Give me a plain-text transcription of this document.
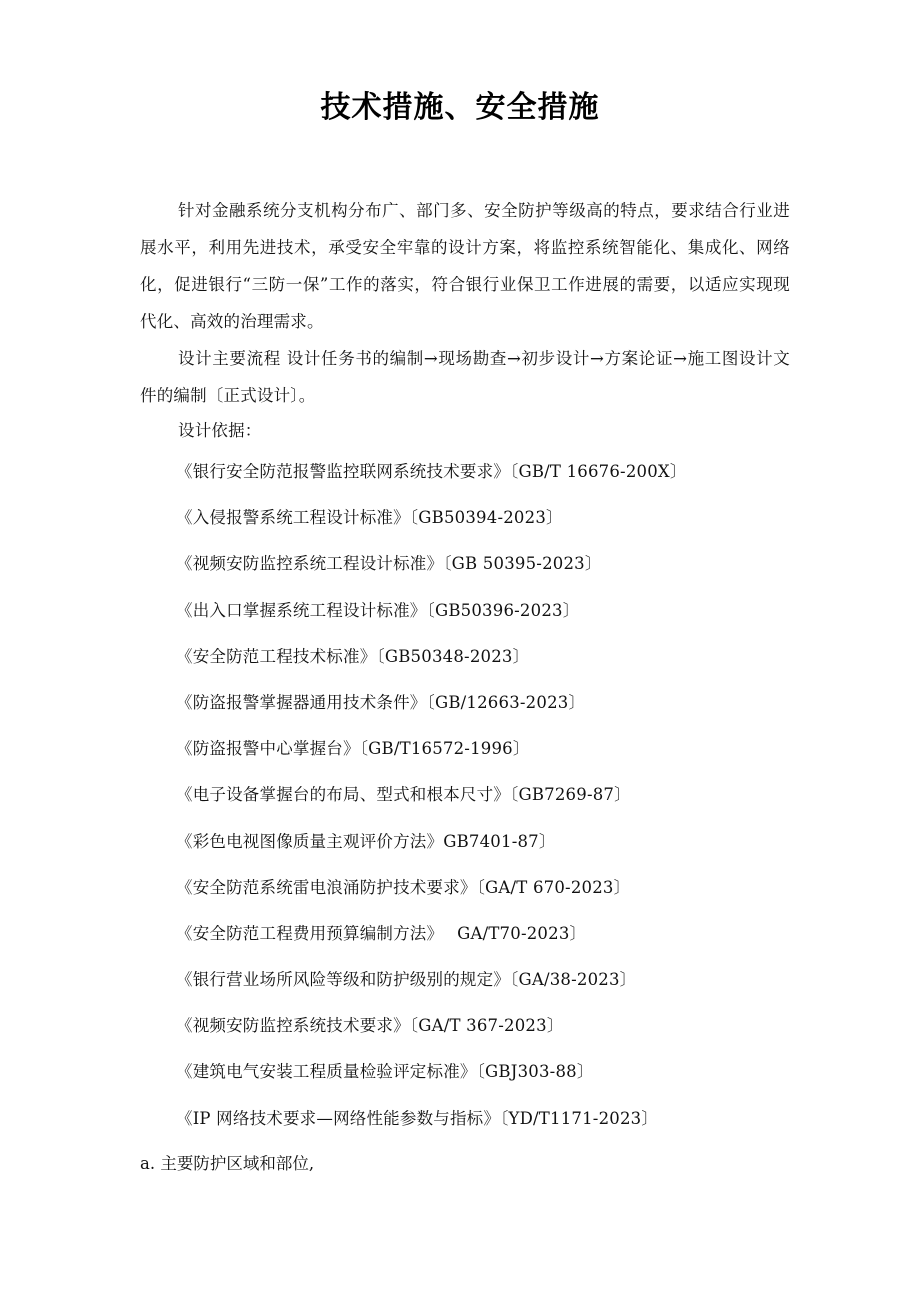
技术措施、安全措施

针对金融系统分支机构分布广、部门多、安全防护等级高的特点，要求结合行业进展水平，利用先进技术，承受安全牢靠的设计方案，将监控系统智能化、集成化、网络化，促进银行“三防一保”工作的落实，符合银行业保卫工作进展的需要，以适应实现现代化、高效的治理需求。

设计主要流程 设计任务书的编制→现场勘查→初步设计→方案论证→施工图设计文件的编制〔正式设计〕。

设计依据：

《银行安全防范报警监控联网系统技术要求》〔GB/T 16676-200X〕
《入侵报警系统工程设计标准》〔GB50394-2023〕
《视频安防监控系统工程设计标准》〔GB 50395-2023〕
《出入口掌握系统工程设计标准》〔GB50396-2023〕
《安全防范工程技术标准》〔GB50348-2023〕
《防盗报警掌握器通用技术条件》〔GB/12663-2023〕
《防盗报警中心掌握台》〔GB/T16572-1996〕
《电子设备掌握台的布局、型式和根本尺寸》〔GB7269-87〕
《彩色电视图像质量主观评价方法》GB7401-87〕
《安全防范系统雷电浪涌防护技术要求》〔GA/T 670-2023〕
《安全防范工程费用预算编制方法》　 GA/T70-2023〕
《银行营业场所风险等级和防护级别的规定》〔GA/38-2023〕
《视频安防监控系统技术要求》〔GA/T 367-2023〕
《建筑电气安装工程质量检验评定标准》〔GBJ303-88〕
《IP 网络技术要求—网络性能参数与指标》〔YD/T1171-2023〕

a. 主要防护区域和部位,
